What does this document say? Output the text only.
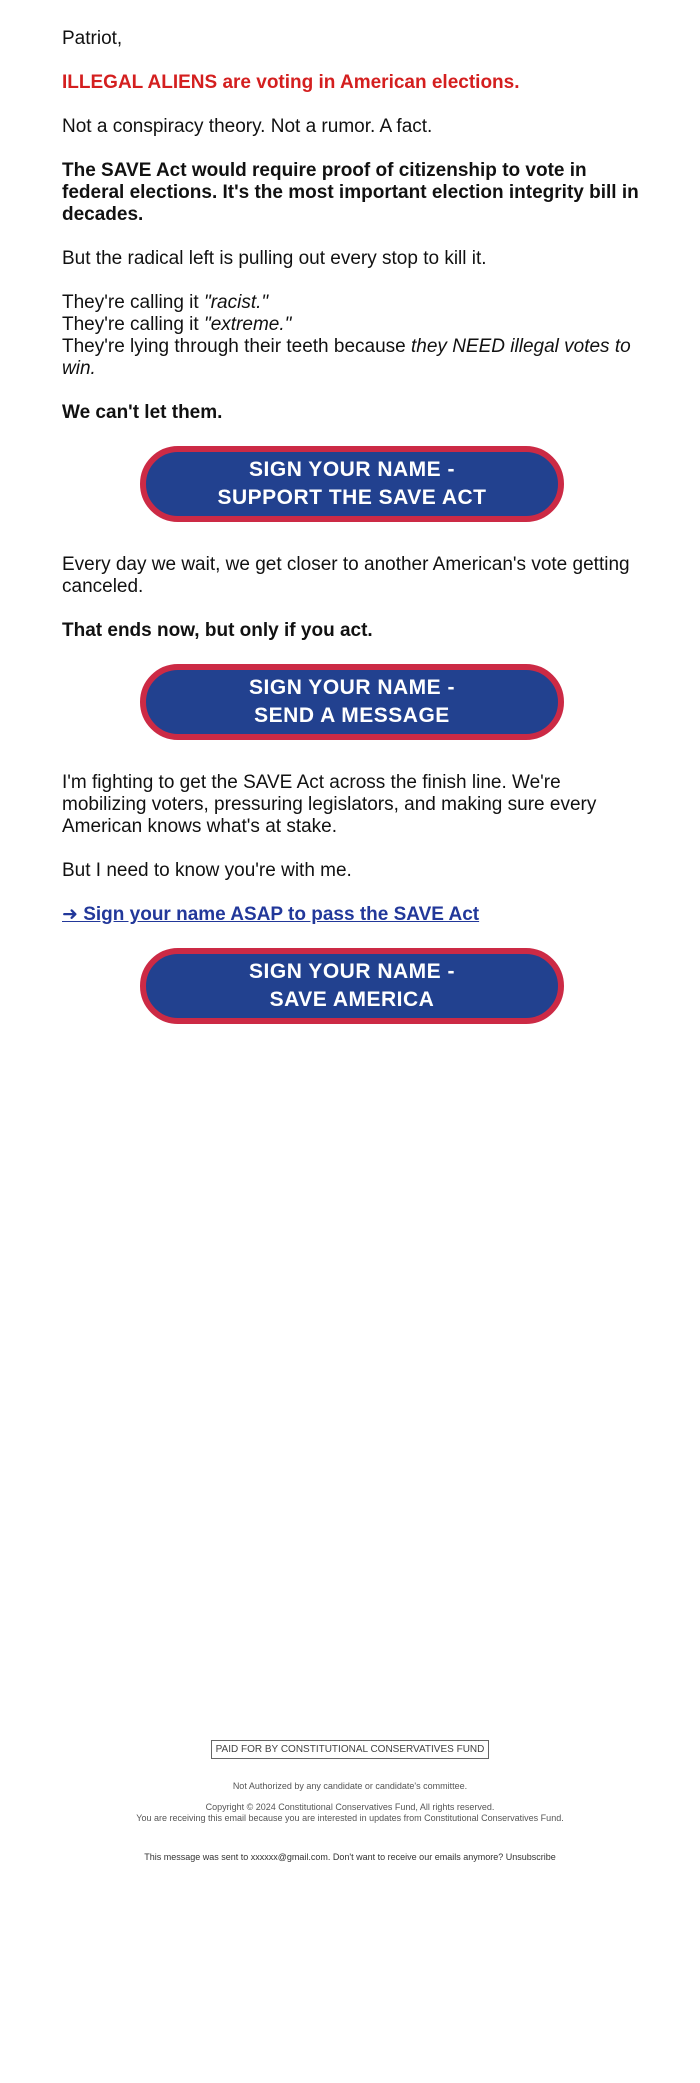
Patriot,

ILLEGAL ALIENS are voting in American elections.

Not a conspiracy theory. Not a rumor. A fact.

The SAVE Act would require proof of citizenship to vote in federal elections. It's the most important election integrity bill in decades.

But the radical left is pulling out every stop to kill it.

They're calling it "racist."
They're calling it "extreme."
They're lying through their teeth because they NEED illegal votes to win.

We can't let them.

SIGN YOUR NAME -
SUPPORT THE SAVE ACT

Every day we wait, we get closer to another American's vote getting canceled.

That ends now, but only if you act.

SIGN YOUR NAME -
SEND A MESSAGE

I'm fighting to get the SAVE Act across the finish line. We're mobilizing voters, pressuring legislators, and making sure every American knows what's at stake.

But I need to know you're with me.

➜ Sign your name ASAP to pass the SAVE Act

SIGN YOUR NAME -
SAVE AMERICA
PAID FOR BY CONSTITUTIONAL CONSERVATIVES FUND

Not Authorized by any candidate or candidate's committee.

Copyright © 2024 Constitutional Conservatives Fund, All rights reserved.

You are receiving this email because you are interested in updates from Constitutional Conservatives Fund.

This message was sent to xxxxxx@gmail.com. Don't want to receive our emails anymore? Unsubscribe
